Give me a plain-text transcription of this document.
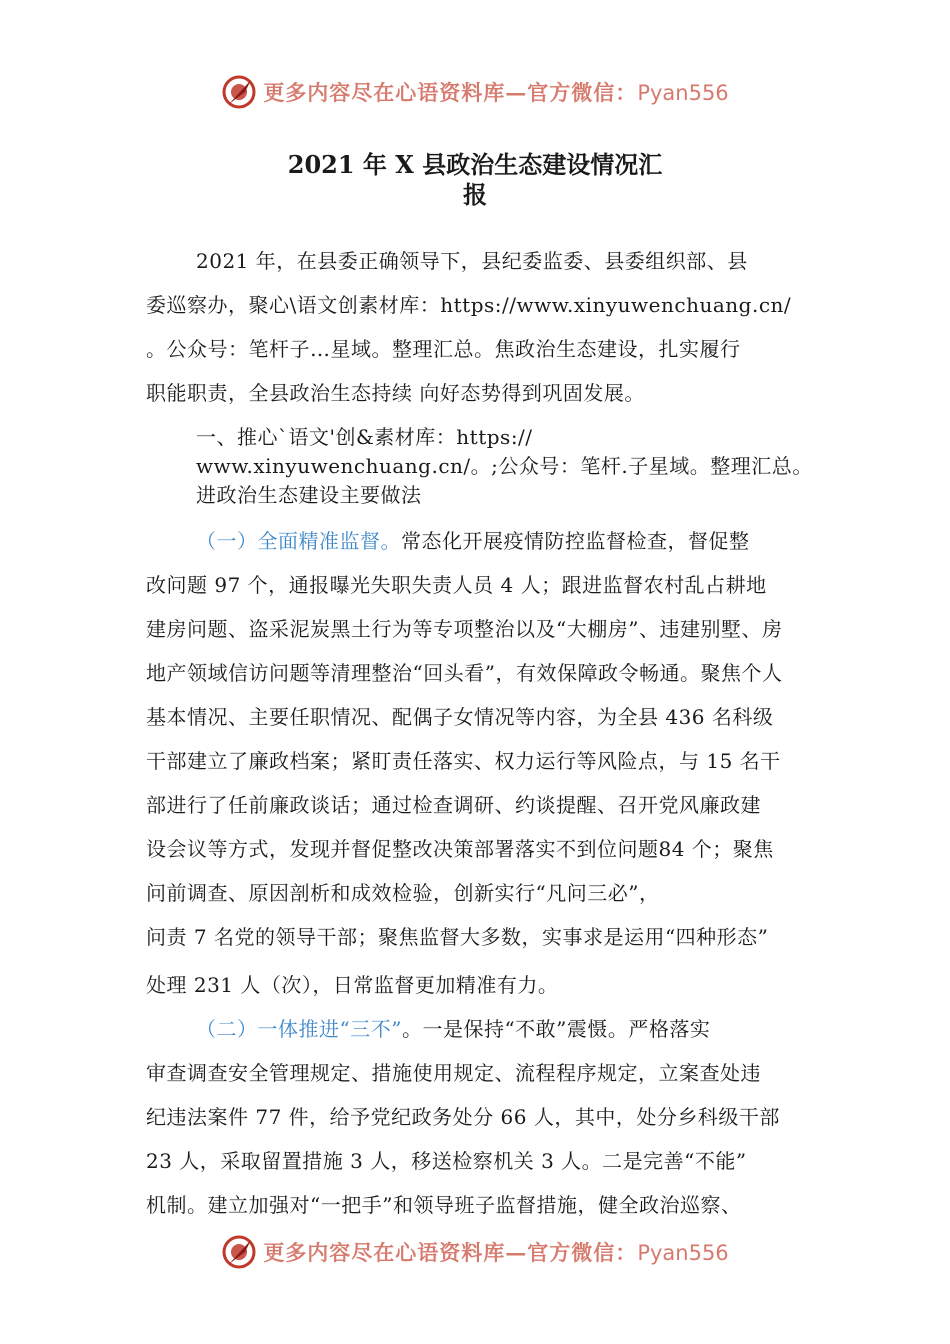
更多内容尽在心语资料库—官方微信：Pyan556
2021 年 X 县政治生态建设情况汇
报
2021 年，在县委正确领导下，县纪委监委、县委组织部、县
委巡察办，聚心\语文创素材库：https://www.xinyuwenchuang.cn/
。公众号：笔杆子…星域。整理汇总。焦政治生态建设，扎实履行
职能职责，全县政治生态持续 向好态势得到巩固发展。
一、推心`语文'创&素材库：https://
www.xinyuwenchuang.cn/。;公众号：笔杆.子星域。整理汇总。
进政治生态建设主要做法
（一）全面精准监督。常态化开展疫情防控监督检查，督促整
改问题 97 个，通报曝光失职失责人员 4 人；跟进监督农村乱占耕地
建房问题、盗采泥炭黑土行为等专项整治以及“大棚房”、违建别墅、房
地产领域信访问题等清理整治“回头看”，有效保障政令畅通。聚焦个人
基本情况、主要任职情况、配偶子女情况等内容，为全县 436 名科级
干部建立了廉政档案；紧盯责任落实、权力运行等风险点，与 15 名干
部进行了任前廉政谈话；通过检查调研、约谈提醒、召开党风廉政建
设会议等方式，发现并督促整改决策部署落实不到位问题84 个；聚焦
问前调查、原因剖析和成效检验，创新实行“凡问三必”，
问责 7 名党的领导干部；聚焦监督大多数，实事求是运用“四种形态”
处理 231 人（次），日常监督更加精准有力。
（二）一体推进“三不”。一是保持“不敢”震慑。严格落实
审查调查安全管理规定、措施使用规定、流程程序规定，立案查处违
纪违法案件 77 件，给予党纪政务处分 66 人，其中，处分乡科级干部
23 人，采取留置措施 3 人，移送检察机关 3 人。二是完善“不能”
机制。建立加强对“一把手”和领导班子监督措施，健全政治巡察、
更多内容尽在心语资料库—官方微信：Pyan556
